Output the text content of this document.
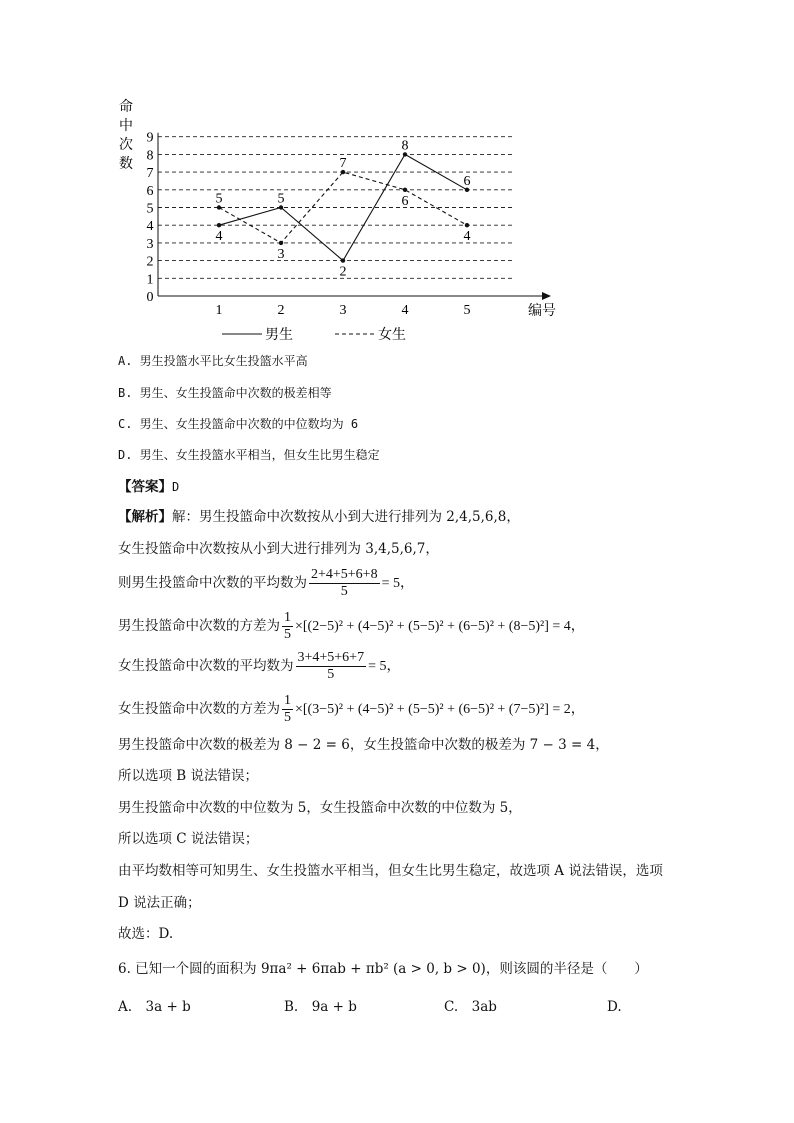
0
1
2
3
4
5
6
7
8
9
1	2	3	4	5
命
中
次
数
编号
5
4
5
3
7
2
8
6
6
4
男生	女生
A. 男生投篮水平比女生投篮水平高
B. 男生、女生投篮命中次数的极差相等
C. 男生、女生投篮命中次数的中位数均为 6
D. 男生、女生投篮水平相当，但女生比男生稳定
【答案】D
【解析】解：男生投篮命中次数按从小到大进行排列为 2,4,5,6,8，
女生投篮命中次数按从小到大进行排列为 3,4,5,6,7，
则男生投篮命中次数的平均数为 $\frac{2+4+5+6+8}{5} = 5$，
男生投篮命中次数的方差为 $\frac{1}{5} \times[(2-5)^2 + (4-5)^2 + (5-5)^2 + (6-5)^2 + (8-5)^2] = 4$，
女生投篮命中次数的平均数为 $\frac{3+4+5+6+7}{5} = 5$，
女生投篮命中次数的方差为 $\frac{1}{5} \times[(3-5)^2 + (4-5)^2 + (5-5)^2 + (6-5)^2 + (7-5)^2] = 2$，
男生投篮命中次数的极差为 8 − 2 = 6，女生投篮命中次数的极差为 7 − 3 = 4，
所以选项 B 说法错误；
男生投篮命中次数的中位数为 5，女生投篮命中次数的中位数为 5，
所以选项 C 说法错误；
由平均数相等可知男生、女生投篮水平相当，但女生比男生稳定，故选项 A 说法错误，选项
D 说法正确；
故选：D.
6. 已知一个圆的面积为 9πa² + 6πab + πb² (a > 0, b > 0)，则该圆的半径是（　　）
A.　3a + b	B.　9a + b	C.　3ab	D.
